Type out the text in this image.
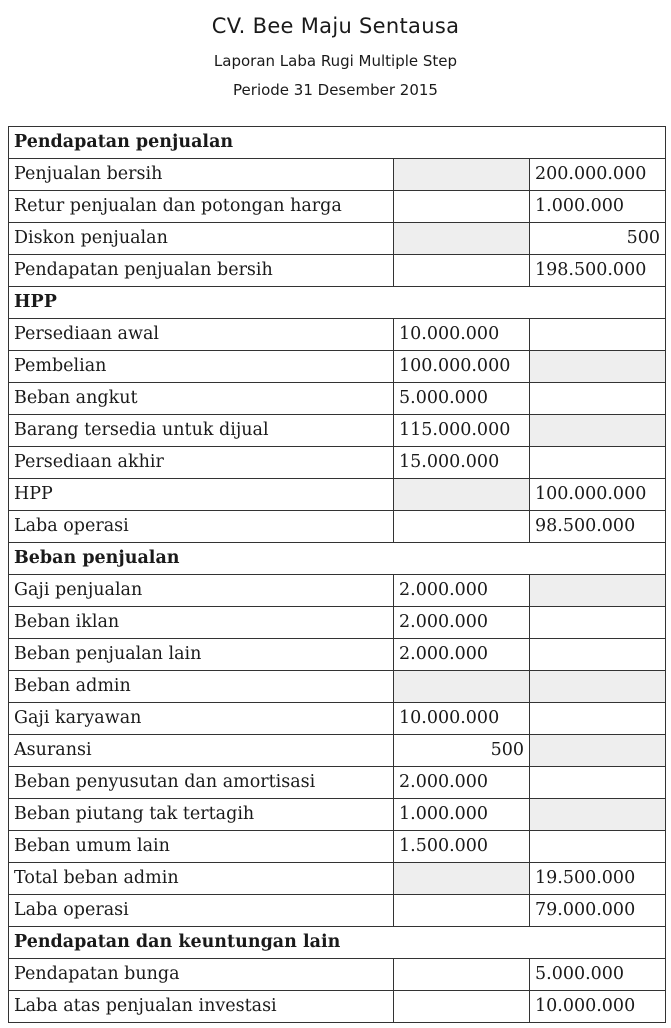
CV. Bee Maju Sentausa
Laporan Laba Rugi Multiple Step
Periode 31 Desember 2015
Pendapatan penjualan		
Penjualan bersih		200.000.000
Retur penjualan dan potongan harga		1.000.000
Diskon penjualan		500
Pendapatan penjualan bersih		198.500.000
HPP		
Persediaan awal	10.000.000	
Pembelian	100.000.000	
Beban angkut	5.000.000	
Barang tersedia untuk dijual	115.000.000	
Persediaan akhir	15.000.000	
HPP		100.000.000
Laba operasi		98.500.000
Beban penjualan		
Gaji penjualan	2.000.000	
Beban iklan	2.000.000	
Beban penjualan lain	2.000.000	
Beban admin		
Gaji karyawan	10.000.000	
Asuransi	500	
Beban penyusutan dan amortisasi	2.000.000	
Beban piutang tak tertagih	1.000.000	
Beban umum lain	1.500.000	
Total beban admin		19.500.000
Laba operasi		79.000.000
Pendapatan dan keuntungan lain		
Pendapatan bunga		5.000.000
Laba atas penjualan investasi		10.000.000
